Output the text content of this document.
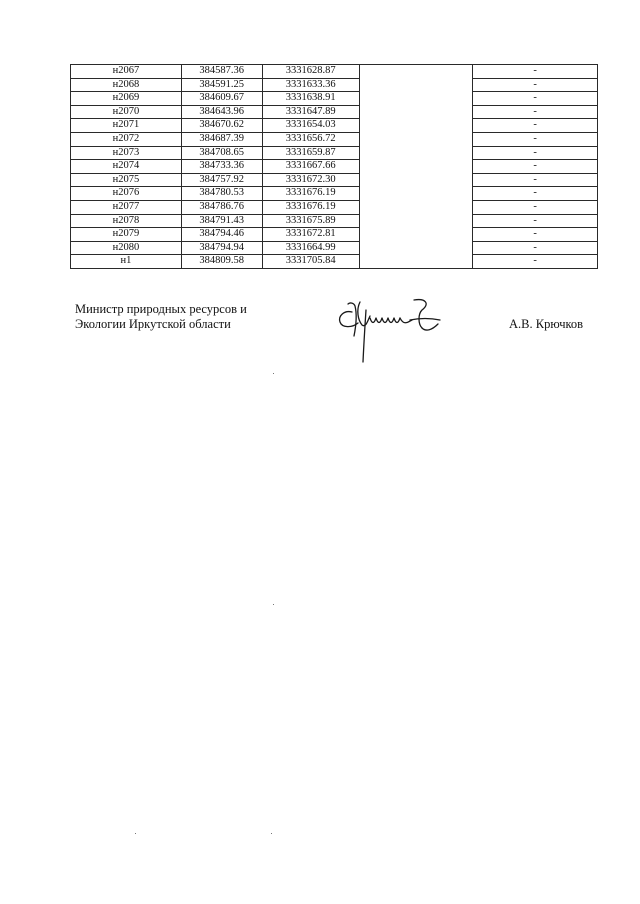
н2067	384587.36	3331628.87		-
н2068	384591.25	3331633.36		-
н2069	384609.67	3331638.91		-
н2070	384643.96	3331647.89		-
н2071	384670.62	3331654.03		-
н2072	384687.39	3331656.72		-
н2073	384708.65	3331659.87		-
н2074	384733.36	3331667.66		-
н2075	384757.92	3331672.30		-
н2076	384780.53	3331676.19		-
н2077	384786.76	3331676.19		-
н2078	384791.43	3331675.89		-
н2079	384794.46	3331672.81		-
н2080	384794.94	3331664.99		-
н1	384809.58	3331705.84		-
Министр природных ресурсов и
Экологии Иркутской области	А.В. Крючков
